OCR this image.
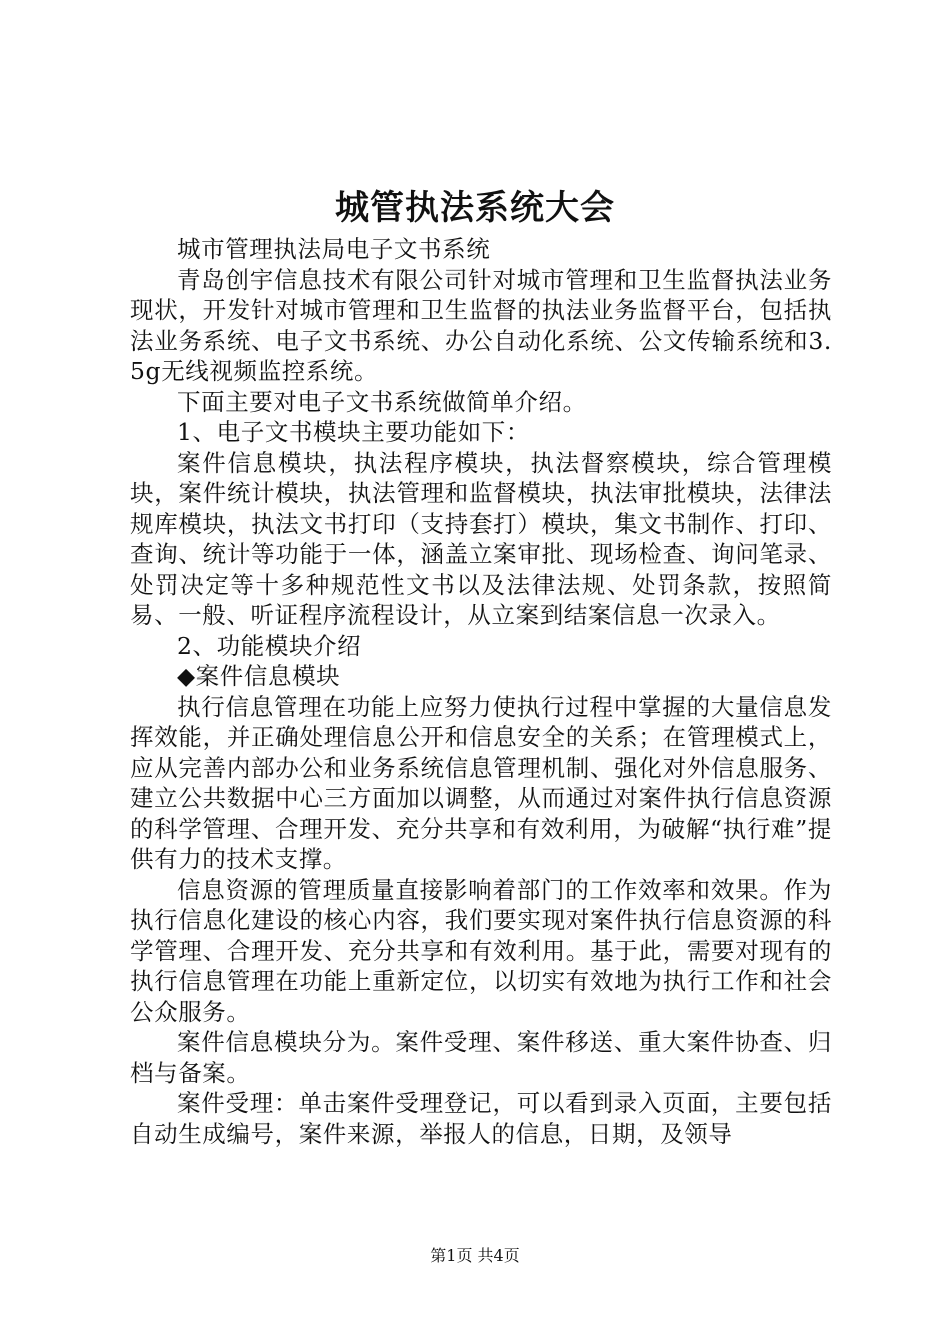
城管执法系统大会

城市管理执法局电子文书系统

青岛创宇信息技术有限公司针对城市管理和卫生监督执法业务现状，开发针对城市管理和卫生监督的执法业务监督平台，包括执法业务系统、电子文书系统、办公自动化系统、公文传输系统和3.5g无线视频监控系统。

下面主要对电子文书系统做简单介绍。

1、电子文书模块主要功能如下：

案件信息模块，执法程序模块，执法督察模块，综合管理模块，案件统计模块，执法管理和监督模块，执法审批模块，法律法规库模块，执法文书打印（支持套打）模块，集文书制作、打印、查询、统计等功能于一体，涵盖立案审批、现场检查、询问笔录、处罚决定等十多种规范性文书以及法律法规、处罚条款，按照简易、一般、听证程序流程设计，从立案到结案信息一次录入。

2、功能模块介绍

◆案件信息模块

执行信息管理在功能上应努力使执行过程中掌握的大量信息发挥效能，并正确处理信息公开和信息安全的关系；在管理模式上，应从完善内部办公和业务系统信息管理机制、强化对外信息服务、建立公共数据中心三方面加以调整，从而通过对案件执行信息资源的科学管理、合理开发、充分共享和有效利用，为破解“执行难”提供有力的技术支撑。

信息资源的管理质量直接影响着部门的工作效率和效果。作为执行信息化建设的核心内容，我们要实现对案件执行信息资源的科学管理、合理开发、充分共享和有效利用。基于此，需要对现有的执行信息管理在功能上重新定位，以切实有效地为执行工作和社会公众服务。

案件信息模块分为。案件受理、案件移送、重大案件协查、归档与备案。

案件受理：单击案件受理登记，可以看到录入页面，主要包括自动生成编号，案件来源，举报人的信息，日期，及领导

第1页 共4页
